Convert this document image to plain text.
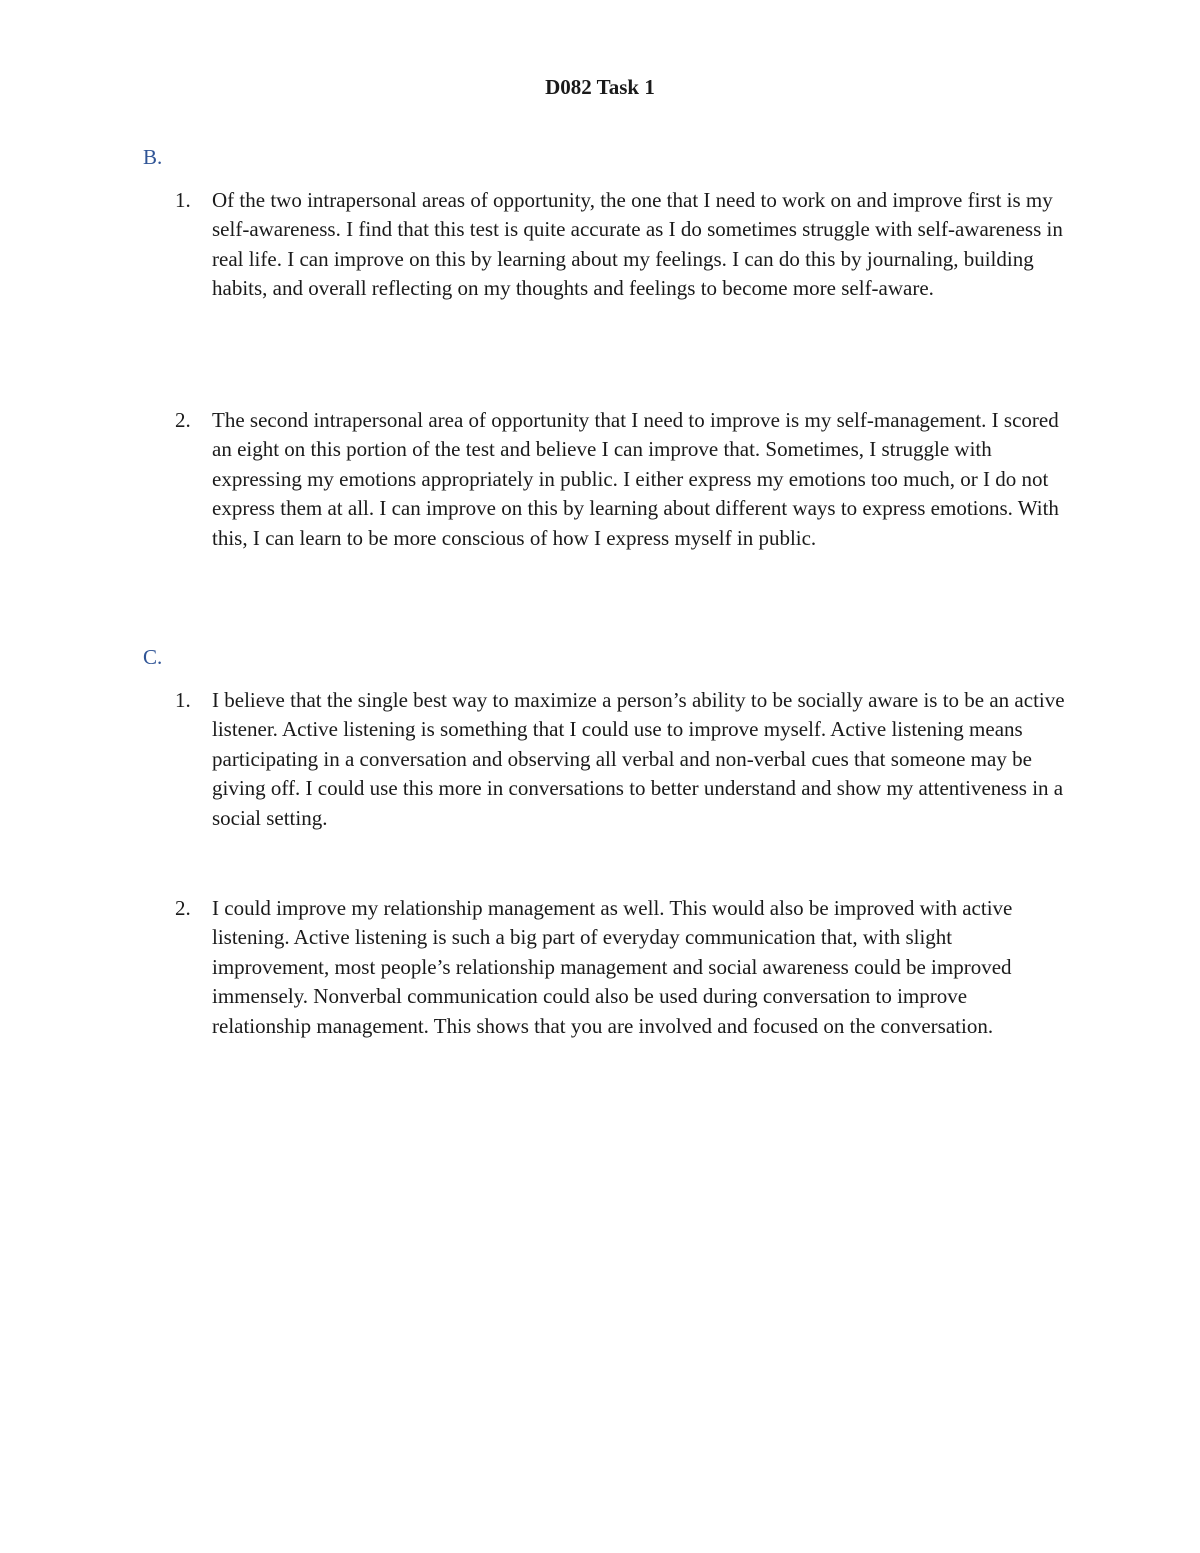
D082 Task 1
B.
1.	Of the two intrapersonal areas of opportunity, the one that I need to work on and improve first is my self-awareness. I find that this test is quite accurate as I do sometimes struggle with self-awareness in real life. I can improve on this by learning about my feelings. I can do this by journaling, building habits, and overall reflecting on my thoughts and feelings to become more self-aware.
2.	The second intrapersonal area of opportunity that I need to improve is my self-management. I scored an eight on this portion of the test and believe I can improve that. Sometimes, I struggle with expressing my emotions appropriately in public. I either express my emotions too much, or I do not express them at all. I can improve on this by learning about different ways to express emotions. With this, I can learn to be more conscious of how I express myself in public.
C.
1.	I believe that the single best way to maximize a person’s ability to be socially aware is to be an active listener. Active listening is something that I could use to improve myself. Active listening means participating in a conversation and observing all verbal and non-verbal cues that someone may be giving off. I could use this more in conversations to better understand and show my attentiveness in a social setting.
2.	I could improve my relationship management as well. This would also be improved with active listening. Active listening is such a big part of everyday communication that, with slight improvement, most people’s relationship management and social awareness could be improved immensely. Nonverbal communication could also be used during conversation to improve relationship management. This shows that you are involved and focused on the conversation.
